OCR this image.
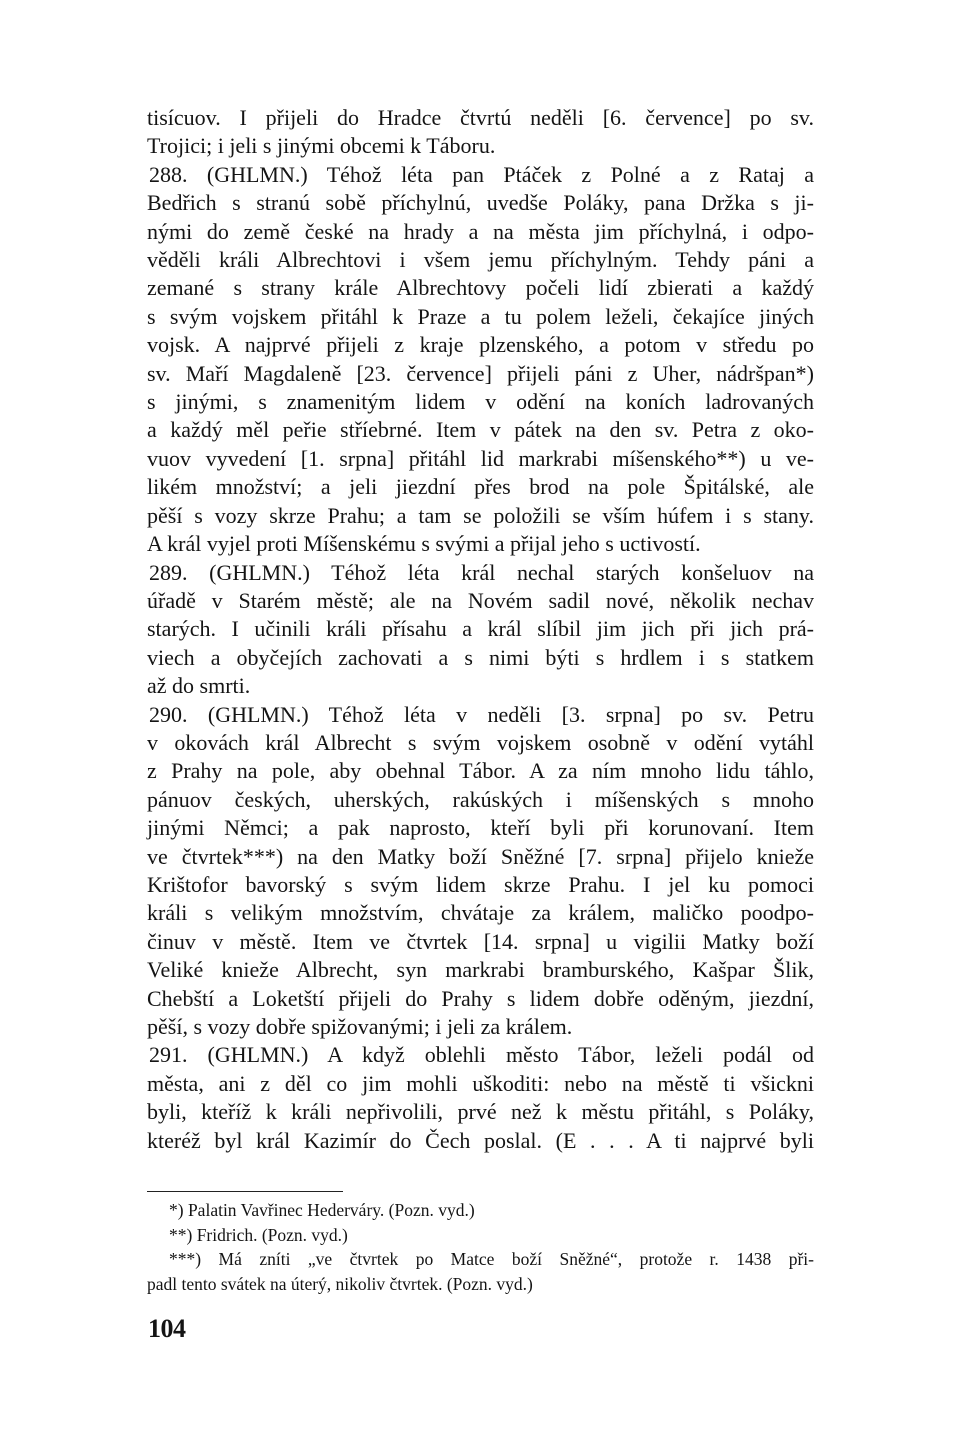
tisícuov. I přijeli do Hradce čtvrtú neděli [6. července] po sv.
Trojici; i jeli s jinými obcemi k Táboru.
288. (GHLMN.) Téhož léta pan Ptáček z Polné a z Rataj a
Bedřich s stranú sobě příchylnú, uvedše Poláky, pana Držka s ji-
nými do země české na hrady a na města jim příchylná, i odpo-
věděli králi Albrechtovi i všem jemu příchylným. Tehdy páni a
zemané s strany krále Albrechtovy počeli lidí zbierati a každý
s svým vojskem přitáhl k Praze a tu polem leželi, čekajíce jiných
vojsk. A najprvé přijeli z kraje plzenského, a potom v středu po
sv. Maří Magdaleně [23. července] přijeli páni z Uher, nádršpan*)
s jinými, s znamenitým lidem v odění na koních ladrovaných
a každý měl peřie stříebrné. Item v pátek na den sv. Petra z oko-
vuov vyvedení [1. srpna] přitáhl lid markrabi míšenského**) u ve-
likém množství; a jeli jiezdní přes brod na pole Špitálské, ale
pěší s vozy skrze Prahu; a tam se položili se vším húfem i s stany.
A král vyjel proti Míšenskému s svými a přijal jeho s uctivostí.
289. (GHLMN.) Téhož léta král nechal starých konšeluov na
úřadě v Starém městě; ale na Novém sadil nové, několik nechav
starých. I učinili králi přísahu a král slíbil jim jich při jich prá-
viech a obyčejích zachovati a s nimi býti s hrdlem i s statkem
až do smrti.
290. (GHLMN.) Téhož léta v neděli [3. srpna] po sv. Petru
v okovách král Albrecht s svým vojskem osobně v odění vytáhl
z Prahy na pole, aby obehnal Tábor. A za ním mnoho lidu táhlo,
pánuov českých, uherských, rakúských i míšenských s mnoho
jinými Němci; a pak naprosto, kteří byli při korunovaní. Item
ve čtvrtek***) na den Matky boží Sněžné [7. srpna] přijelo knieže
Krištofor bavorský s svým lidem skrze Prahu. I jel ku pomoci
králi s velikým množstvím, chvátaje za králem, maličko poodpo-
činuv v městě. Item ve čtvrtek [14. srpna] u vigilii Matky boží
Veliké knieže Albrecht, syn markrabi bramburského, Kašpar Šlik,
Chebští a Loketští přijeli do Prahy s lidem dobře oděným, jiezdní,
pěší, s vozy dobře spižovanými; i jeli za králem.
291. (GHLMN.) A když oblehli město Tábor, leželi podál od
města, ani z děl co jim mohli uškoditi: nebo na městě ti všickni
byli, kteříž k králi nepřivolili, prvé než k městu přitáhl, s Poláky,
kteréž byl král Kazimír do Čech poslal. (E . . . A ti najprvé byli
*) Palatin Vavřinec Hederváry. (Pozn. vyd.)
**) Fridrich. (Pozn. vyd.)
***) Má zníti „ve čtvrtek po Matce boží Sněžné“, protože r. 1438 při-
padl tento svátek na úterý, nikoliv čtvrtek. (Pozn. vyd.)
104
